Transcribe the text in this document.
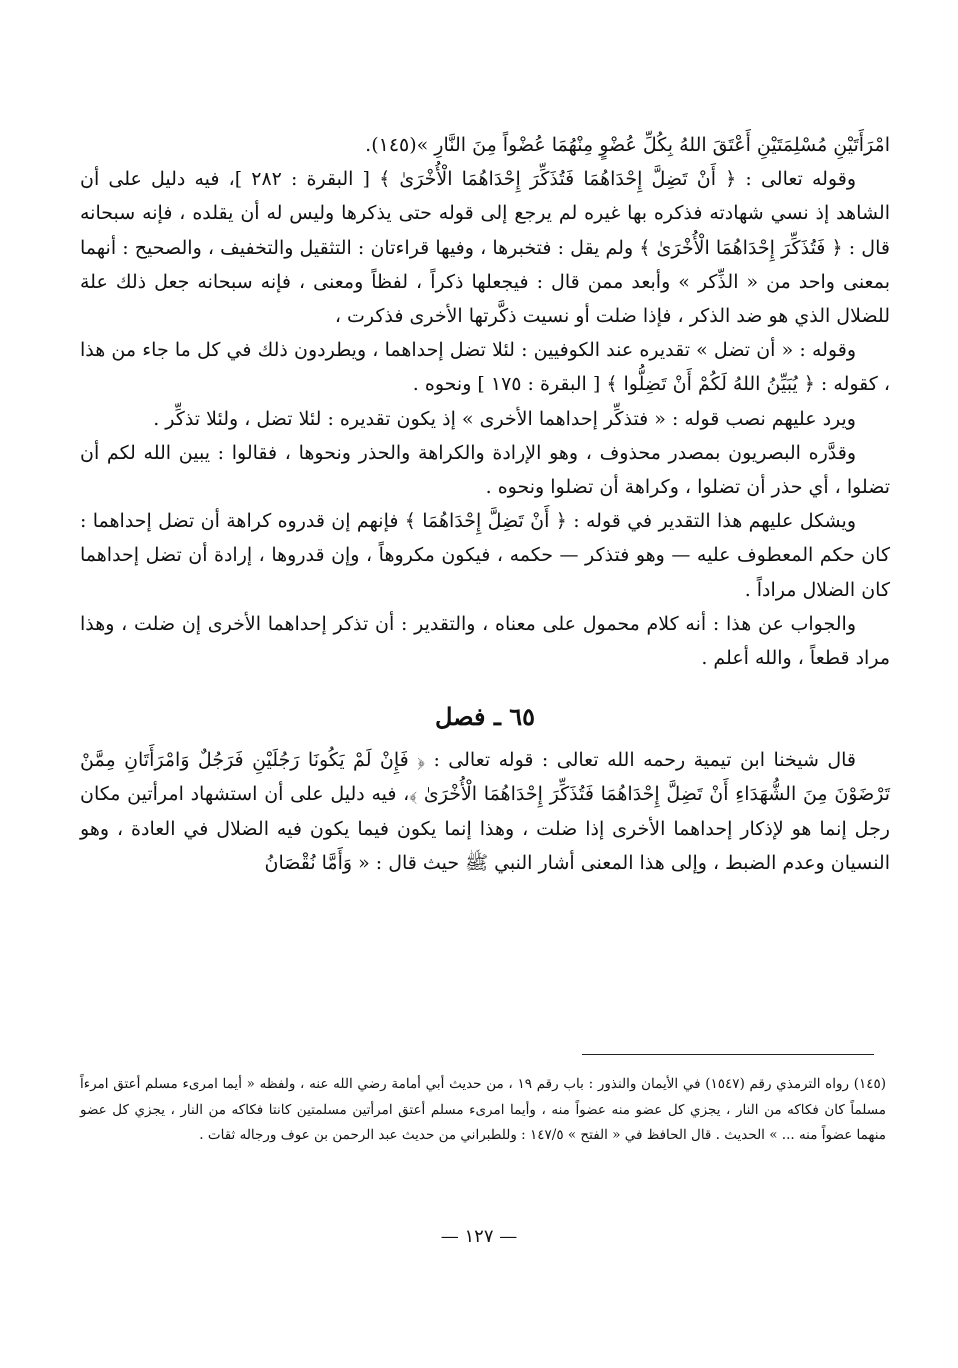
امْرَأَتَيْنِ مُسْلِمَتَيْنِ أَعْتَقَ اللهُ بِكُلِّ عُضْوٍ مِنْهُمَا عُضْواً مِنَ النَّارِ »(١٤٥).

وقوله تعالى : ﴿ أَنْ تَضِلَّ إِحْدَاهُمَا فَتُذَكِّرَ إِحْدَاهُمَا الْأُخْرَىٰ ﴾ [ البقرة : ٢٨٢ ]، فيه دليل على أن الشاهد إذ نسي شهادته فذكره بها غيره لم يرجع إلى قوله حتى يذكرها وليس له أن يقلده ، فإنه سبحانه قال : ﴿ فَتُذَكِّرَ إِحْدَاهُمَا الْأُخْرَىٰ ﴾ ولم يقل : فتخبرها ، وفيها قراءتان : التثقيل والتخفيف ، والصحيح : أنهما بمعنى واحد من « الذِّكر » وأبعد ممن قال : فيجعلها ذكراً ، لفظاً ومعنى ، فإنه سبحانه جعل ذلك علة للضلال الذي هو ضد الذكر ، فإذا ضلت أو نسيت ذكَّرتها الأخرى فذكرت ،

وقوله : « أن تضل » تقديره عند الكوفيين : لئلا تضل إحداهما ، ويطردون ذلك في كل ما جاء من هذا ، كقوله : ﴿ يُبَيِّنُ اللهُ لَكُمْ أَنْ تَضِلُّوا ﴾ [ البقرة : ١٧٥ ] ونحوه .

ويرد عليهم نصب قوله : « فتذكِّر إحداهما الأخرى » إذ يكون تقديره : لئلا تضل ، ولئلا تذكِّر .

وقدَّره البصريون بمصدر محذوف ، وهو الإرادة والكراهة والحذر ونحوها ، فقالوا : يبين الله لكم أن تضلوا ، أي حذر أن تضلوا ، وكراهة أن تضلوا ونحوه .

ويشكل عليهم هذا التقدير في قوله : ﴿ أَنْ تَضِلَّ إِحْدَاهُمَا ﴾ فإنهم إن قدروه كراهة أن تضل إحداهما : كان حكم المعطوف عليه — وهو فتذكر — حكمه ، فيكون مكروهاً ، وإن قدروها ، إرادة أن تضل إحداهما كان الضلال مراداً .

والجواب عن هذا : أنه كلام محمول على معناه ، والتقدير : أن تذكر إحداهما الأخرى إن ضلت ، وهذا مراد قطعاً ، والله أعلم .

٦٥ ـ فصل

قال شيخنا ابن تيمية رحمه الله تعالى : قوله تعالى : ﴿ فَإِنْ لَمْ يَكُونَا رَجُلَيْنِ فَرَجُلٌ وَامْرَأَتَانِ مِمَّنْ تَرْضَوْنَ مِنَ الشُّهَدَاءِ أَنْ تَضِلَّ إِحْدَاهُمَا فَتُذَكِّرَ إِحْدَاهُمَا الْأُخْرَىٰ ﴾، فيه دليل على أن استشهاد امرأتين مكان رجل إنما هو لإذكار إحداهما الأخرى إذا ضلت ، وهذا إنما يكون فيما يكون فيه الضلال في العادة ، وهو النسيان وعدم الضبط ، وإلى هذا المعنى أشار النبي ﷺ حيث قال : « وَأَمَّا نُقْصَانُ

(١٤٥) رواه الترمذي رقم (١٥٤٧) في الأيمان والنذور : باب رقم ١٩ ، من حديث أبي أمامة رضي الله عنه ، ولفظه « أيما امرىء مسلم أعتق امرءاً مسلماً كان فكاكه من النار ، يجزي كل عضو منه عضواً منه ، وأيما امرىء مسلم أعتق امرأتين مسلمتين كانتا فكاكه من النار ، يجزي كل عضو منهما عضواً منه ... » الحديث . قال الحافظ في « الفتح » ١٤٧/٥ : وللطبراني من حديث عبد الرحمن بن عوف ورجاله ثقات .

— ١٢٧ —
